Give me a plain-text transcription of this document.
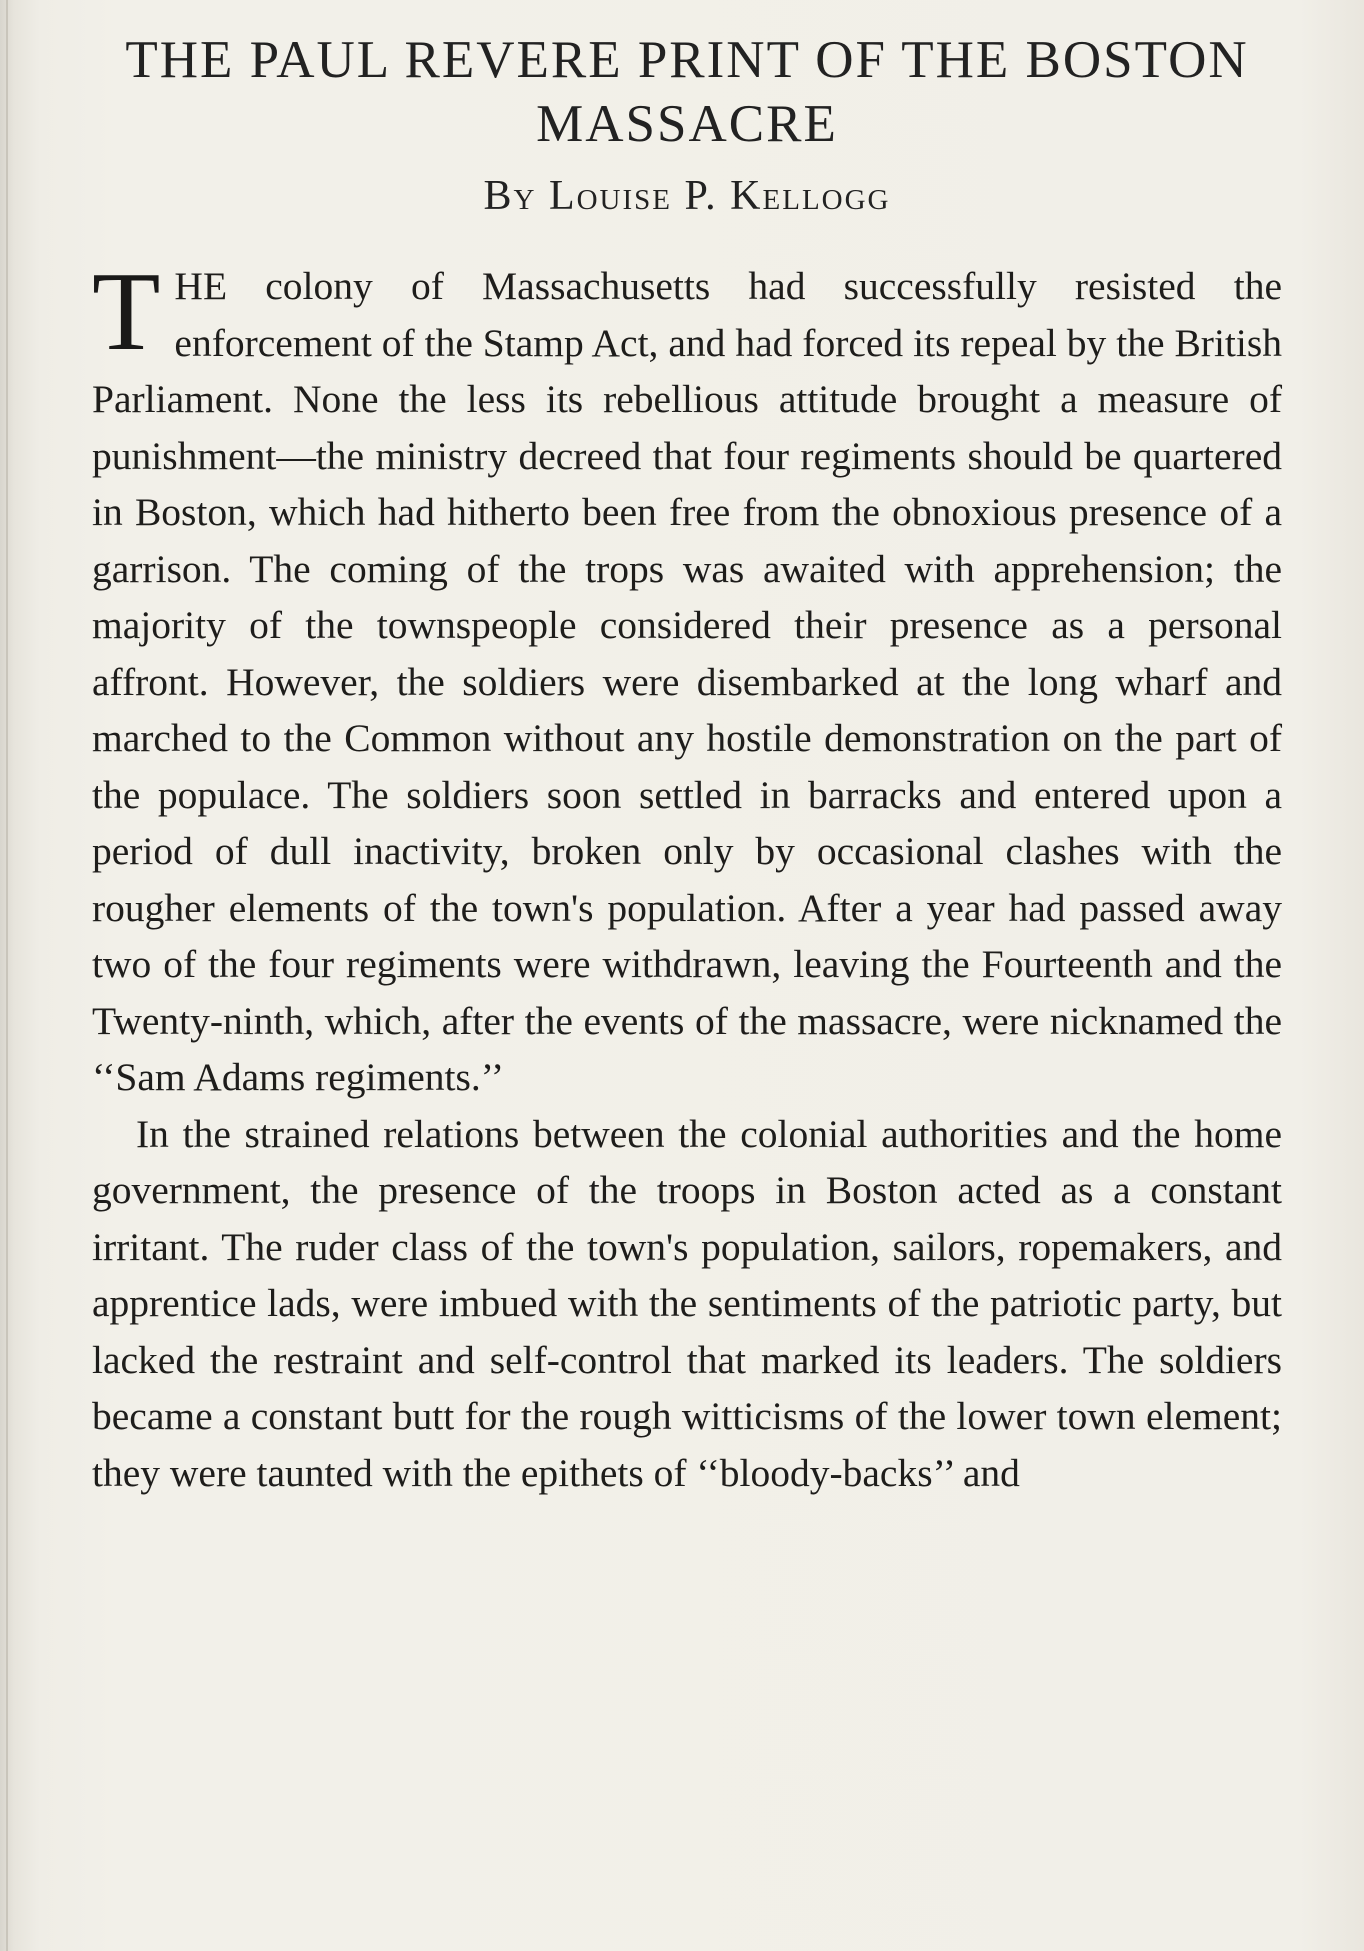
THE PAUL REVERE PRINT OF THE BOSTON MASSACRE
By Louise P. Kellogg

THE colony of Massachusetts had successfully resisted the enforcement of the Stamp Act, and had forced its repeal by the British Parliament. None the less its rebellious attitude brought a measure of punishment—the ministry decreed that four regiments should be quartered in Boston, which had hitherto been free from the obnoxious presence of a garrison. The coming of the trops was awaited with apprehension; the majority of the townspeople considered their presence as a personal affront. However, the soldiers were disembarked at the long wharf and marched to the Common without any hostile demonstration on the part of the populace. The soldiers soon settled in barracks and entered upon a period of dull inactivity, broken only by occasional clashes with the rougher elements of the town's population. After a year had passed away two of the four regiments were withdrawn, leaving the Fourteenth and the Twenty-ninth, which, after the events of the massacre, were nicknamed the ‘‘Sam Adams regiments.’’

In the strained relations between the colonial authorities and the home government, the presence of the troops in Boston acted as a constant irritant. The ruder class of the town's population, sailors, ropemakers, and apprentice lads, were imbued with the sentiments of the patriotic party, but lacked the restraint and self-control that marked its leaders. The soldiers became a constant butt for the rough witticisms of the lower town element; they were taunted with the epithets of ‘‘bloody-backs’’ and
